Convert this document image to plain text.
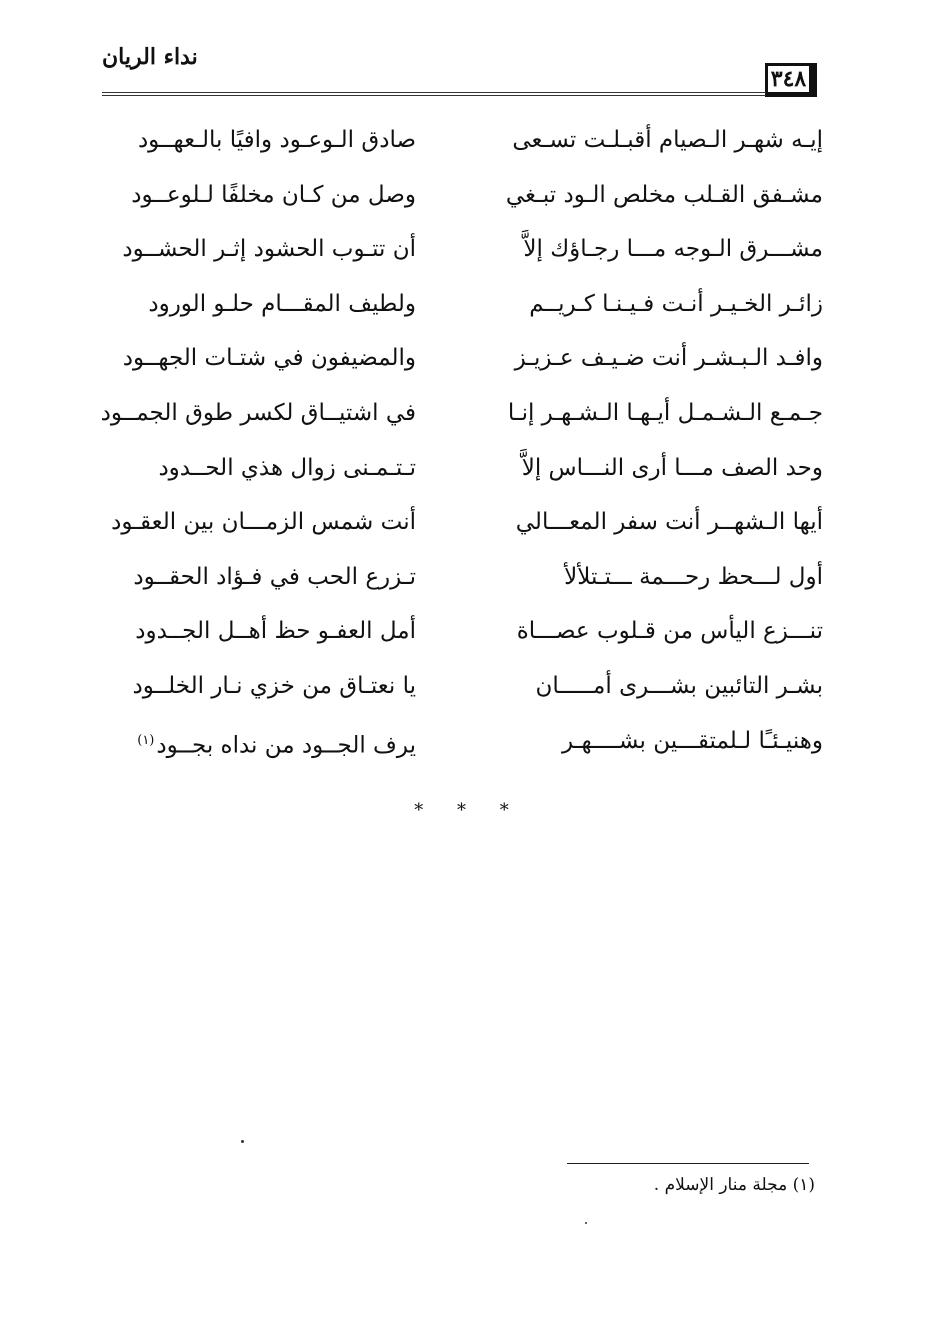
نداء الريان
٣٤٨
إيـه شهـر الـصيام أقبـلـت تسـعى
صادق الـوعـود وافيًا بالـعهــود
مشـفق القـلب مخلص الـود تبـغي
وصل من كـان مخلفًا لـلوعــود
مشـــرق الـوجه مـــا رجـاؤك إلاَّ
أن تتـوب الحشود إثـر الحشــود
زائـر الخـيـر أنـت فـيـنـا كـريــم
ولطيف المقـــام حلـو الورود
وافـد الـبـشـر أنت ضـيـف عـزيـز
والمضيفون في شتـات الجهــود
جـمـع الـشـمـل أيـهـا الـشـهـر إنـا
في اشتيــاق لكسر طوق الجمــود
وحد الصف مـــا أرى النـــاس إلاَّ
تـتـمـنى زوال هذي الحــدود
أيها الـشهــر أنت سفر المعـــالي
أنت شمس الزمـــان بين العقـود
أول لـــحظ رحـــمة ـــتـتلألأ
تـزرع الحب في فـؤاد الحقــود
تنـــزع اليأس من قـلوب عصـــاة
أمل العفـو حظ أهــل الجــدود
بشـر التائبين بشـــرى أمـــــان
يا نعتـاق من خزي نـار الخلــود
وهنيـئـًا لـلمتقـــين بشــــهـر
يرف الجــود من نداه بجــود$^{(١)}$
* * *
(١) مجلة منار الإسلام .
